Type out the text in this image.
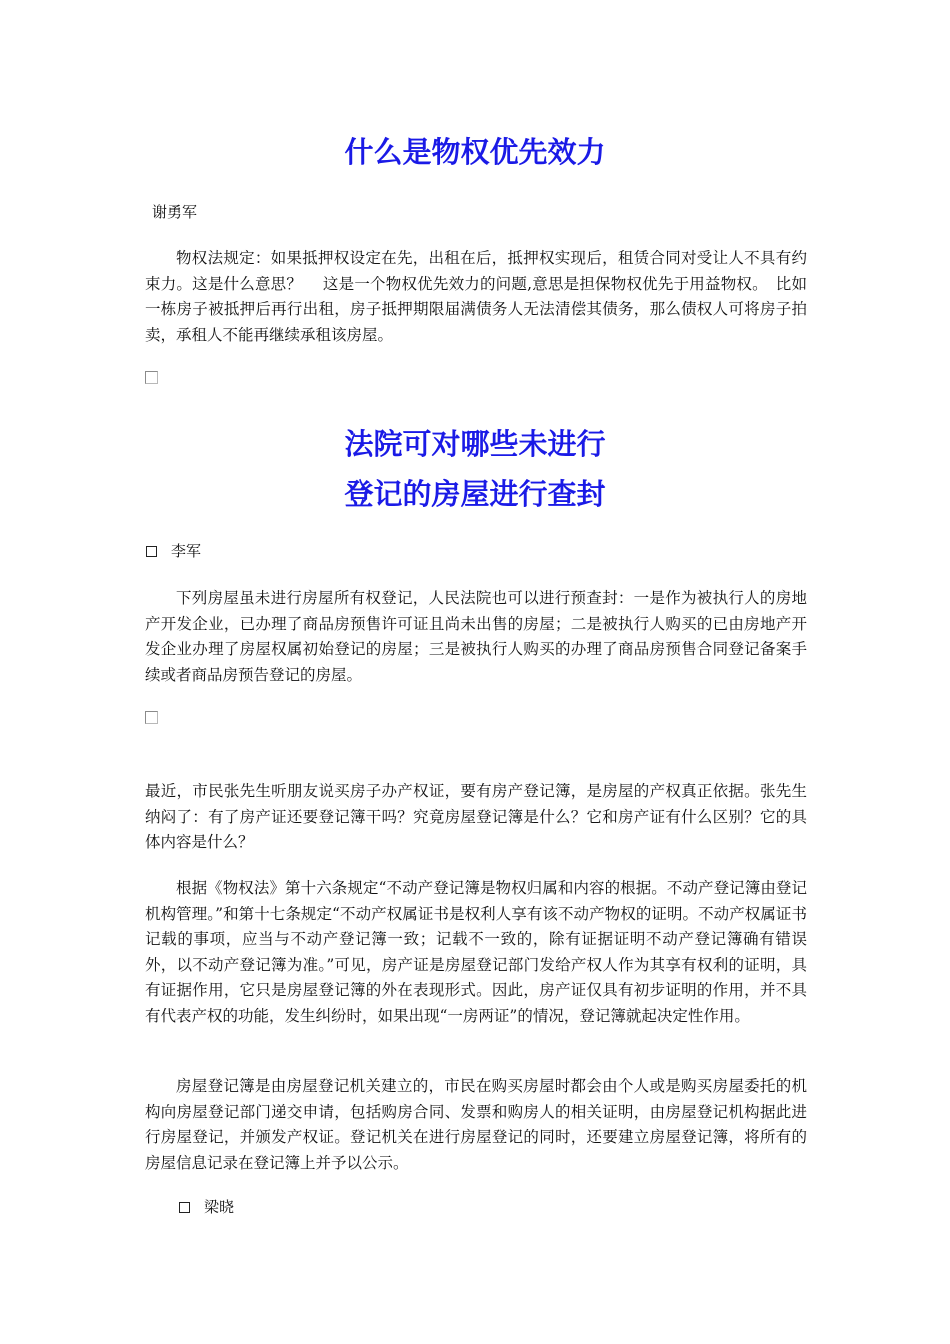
什么是物权优先效力

谢勇军

物权法规定：如果抵押权设定在先，出租在后，抵押权实现后，租赁合同对受让人不具有约束力。这是什么意思？　 这是一个物权优先效力的问题,意思是担保物权优先于用益物权。　比如一栋房子被抵押后再行出租，房子抵押期限届满债务人无法清偿其债务，那么债权人可将房子拍卖，承租人不能再继续承租该房屋。

法院可对哪些未进行
登记的房屋进行查封

李军

下列房屋虽未进行房屋所有权登记，人民法院也可以进行预查封：一是作为被执行人的房地产开发企业，已办理了商品房预售许可证且尚未出售的房屋；二是被执行人购买的已由房地产开发企业办理了房屋权属初始登记的房屋；三是被执行人购买的办理了商品房预售合同登记备案手续或者商品房预告登记的房屋。

最近，市民张先生听朋友说买房子办产权证，要有房产登记簿，是房屋的产权真正依据。张先生纳闷了：有了房产证还要登记簿干吗？究竟房屋登记簿是什么？它和房产证有什么区别？它的具体内容是什么？

根据《物权法》第十六条规定“不动产登记簿是物权归属和内容的根据。不动产登记簿由登记机构管理。”和第十七条规定“不动产权属证书是权利人享有该不动产物权的证明。不动产权属证书记载的事项，应当与不动产登记簿一致；记载不一致的，除有证据证明不动产登记簿确有错误外，以不动产登记簿为准。”可见，房产证是房屋登记部门发给产权人作为其享有权利的证明，具有证据作用，它只是房屋登记簿的外在表现形式。因此，房产证仅具有初步证明的作用，并不具有代表产权的功能，发生纠纷时，如果出现“一房两证”的情况，登记簿就起决定性作用。

房屋登记簿是由房屋登记机关建立的，市民在购买房屋时都会由个人或是购买房屋委托的机构向房屋登记部门递交申请，包括购房合同、发票和购房人的相关证明，由房屋登记机构据此进行房屋登记，并颁发产权证。登记机关在进行房屋登记的同时，还要建立房屋登记簿，将所有的房屋信息记录在登记簿上并予以公示。

梁晓
